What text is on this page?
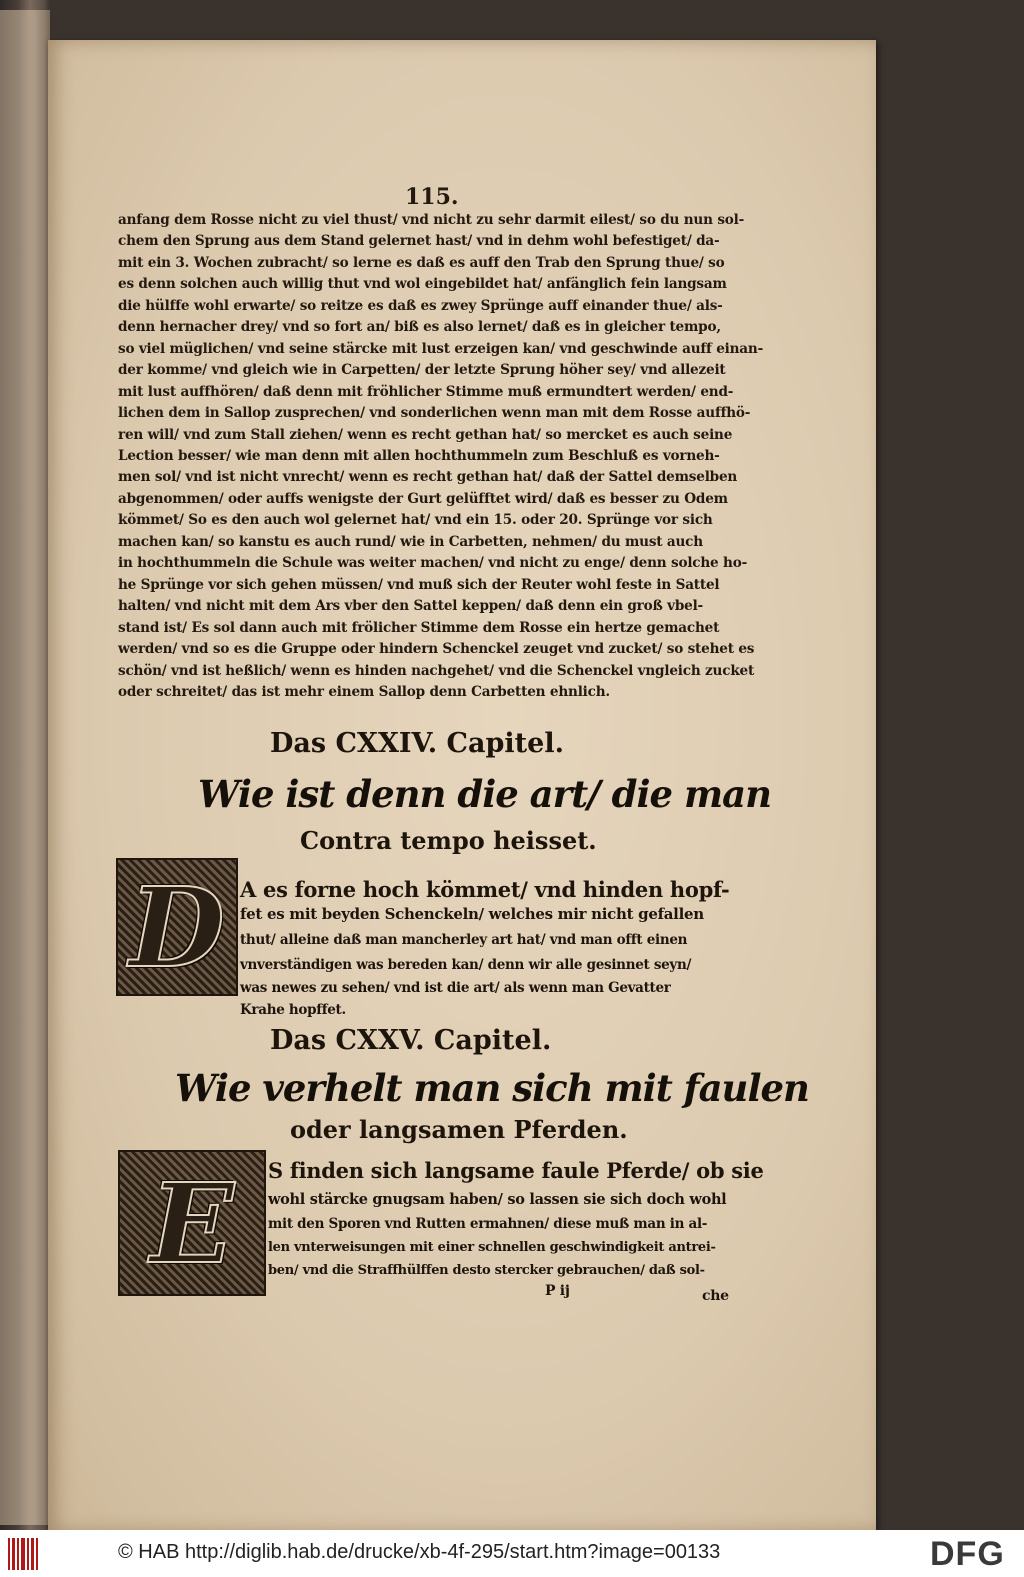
115.
anfang dem Rosse nicht zu viel thust/ vnd nicht zu sehr darmit eilest/ so du nun sol-
chem den Sprung aus dem Stand gelernet hast/ vnd in dehm wohl befestiget/ da-
mit ein 3. Wochen zubracht/ so lerne es daß es auff den Trab den Sprung thue/ so
es denn solchen auch willig thut vnd wol eingebildet hat/ anfänglich fein langsam
die hülffe wohl erwarte/ so reitze es daß es zwey Sprünge auff einander thue/ als-
denn hernacher drey/ vnd so fort an/ biß es also lernet/ daß es in gleicher tempo,
so viel müglichen/ vnd seine stärcke mit lust erzeigen kan/ vnd geschwinde auff einan-
der komme/ vnd gleich wie in Carpetten/ der letzte Sprung höher sey/ vnd allezeit
mit lust auffhören/ daß denn mit fröhlicher Stimme muß ermundtert werden/ end-
lichen dem in Sallop zusprechen/ vnd sonderlichen wenn man mit dem Rosse auffhö-
ren will/ vnd zum Stall ziehen/ wenn es recht gethan hat/ so mercket es auch seine
Lection besser/ wie man denn mit allen hochthummeln zum Beschluß es vorneh-
men sol/ vnd ist nicht vnrecht/ wenn es recht gethan hat/ daß der Sattel demselben
abgenommen/ oder auffs wenigste der Gurt gelüfftet wird/ daß es besser zu Odem
kömmet/ So es den auch wol gelernet hat/ vnd ein 15. oder 20. Sprünge vor sich
machen kan/ so kanstu es auch rund/ wie in Carbetten, nehmen/ du must auch
in hochthummeln die Schule was weiter machen/ vnd nicht zu enge/ denn solche ho-
he Sprünge vor sich gehen müssen/ vnd muß sich der Reuter wohl feste in Sattel
halten/ vnd nicht mit dem Ars vber den Sattel keppen/ daß denn ein groß vbel-
stand ist/ Es sol dann auch mit frölicher Stimme dem Rosse ein hertze gemachet
werden/ vnd so es die Gruppe oder hindern Schenckel zeuget vnd zucket/ so stehet es
schön/ vnd ist heßlich/ wenn es hinden nachgehet/ vnd die Schenckel vngleich zucket
oder schreitet/ das ist mehr einem Sallop denn Carbetten ehnlich.
Das CXXIV. Capitel.
Wie ist denn die art/ die man
Contra tempo heisset.
D A es forne hoch kömmet/ vnd hinden hopf-
fet es mit beyden Schenckeln/ welches mir nicht gefallen
thut/ alleine daß man mancherley art hat/ vnd man offt einen
vnverständigen was bereden kan/ denn wir alle gesinnet seyn/
was newes zu sehen/ vnd ist die art/ als wenn man Gevatter
Krahe hopffet.
Das CXXV. Capitel.
Wie verhelt man sich mit faulen
oder langsamen Pferden.
E S finden sich langsame faule Pferde/ ob sie
wohl stärcke gnugsam haben/ so lassen sie sich doch wohl
mit den Sporen vnd Rutten ermahnen/ diese muß man in al-
len vnterweisungen mit einer schnellen geschwindigkeit antrei-
ben/ vnd die Straffhülffen desto stercker gebrauchen/ daß sol-
P ij	che
© HAB http://diglib.hab.de/drucke/xb-4f-295/start.htm?image=00133	DFG
